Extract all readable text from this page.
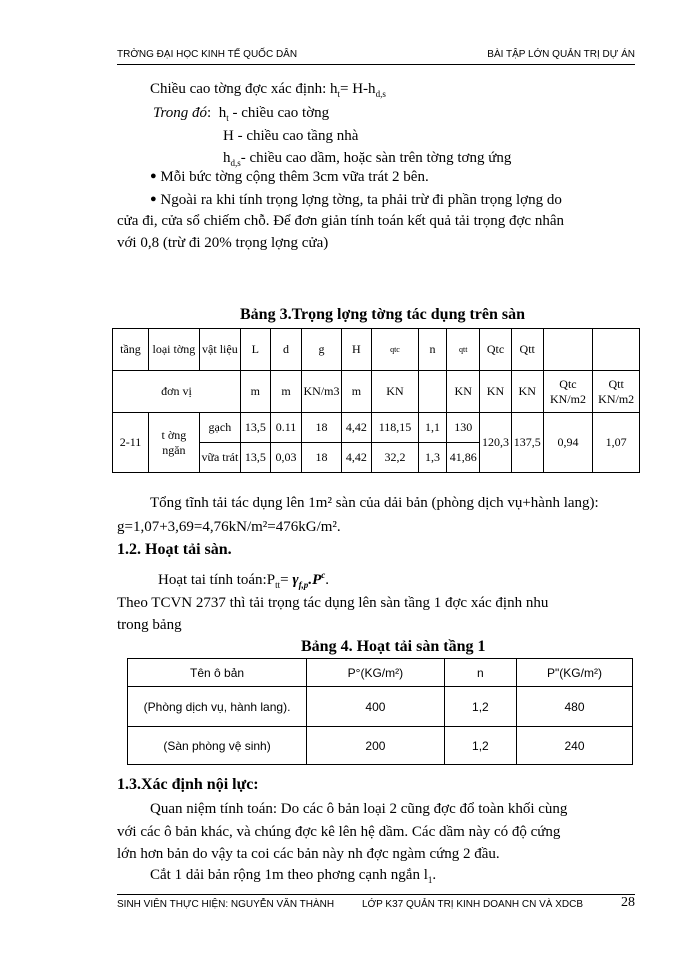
TRỜNG ĐẠI HỌC KINH TẾ QUỐC DÂN	BÀI TẬP LỚN QUẢN TRỊ DỰ ÁN
Chiều cao tờng đợc xác định: $h_t= H-h_{d,s}$
Trong đó:  $h_t$ - chiều cao tờng
H - chiều cao tầng nhà
$h_{d,s}-$ chiều cao dầm, hoặc sàn trên tờng tơng ứng
● Mỗi bức tờng cộng thêm 3cm vữa trát 2 bên.
● Ngoài ra khi tính trọng lợng tờng, ta phải trừ đi phần trọng lợng do
cửa đi, cửa sổ chiếm chỗ. Để đơn giản tính toán kết quả tải trọng đợc nhân
với 0,8 (trừ đi 20% trọng lợng cửa)
Bảng 3.Trọng lợng tờng tác dụng trên sàn
tầng	loại tờng	vật liệu	L	d	g	H	qtc	n	qtt	Qtc	Qtt		
đơn vị			m	m	KN/m3	m	KN		KN	KN	KN	Qtc KN/m2	Qtt KN/m2
2-11	t ờng ngăn	gạch	13,5	0.11	18	4,42	118,15	1,1	130	120,3	137,5	0,94	1,07
		vữa trát	13,5	0,03	18	4,42	32,2	1,3	41,86				
Tổng tĩnh tải tác dụng lên 1m² sàn của dải bản (phòng dịch vụ+hành lang):
g=1,07+3,69=4,76kN/m²=476kG/m².
1.2. Hoạt tải sàn.
Hoạt tai tính $toán:P_{tt}= \gamma_{f,p}.P^c$.
Theo TCVN 2737 thì tải trọng tác dụng lên sàn tầng 1 đợc xác định nhu
trong bảng
Bảng 4. Hoạt tải sàn tầng 1
Tên ô bản	P°(KG/m²)	n	P"(KG/m²)
(Phòng dịch vụ, hành lang).	400	1,2	480
(Sàn phòng vệ sinh)	200	1,2	240
1.3.Xác định nội lực:
Quan niệm tính toán: Do các ô bản loại 2 cũng đợc đổ toàn khối cùng
với các ô bản khác, và chúng đợc kê lên hệ dầm. Các dầm này có độ cứng
lớn hơn bản do vậy ta coi các bản này nh đợc ngàm cứng 2 đầu.
Cắt 1 dải bản rộng 1m theo phơng cạnh ngắn $l_1$.
SINH VIÊN THỰC HIỆN: NGUYỄN VĂN THÀNH	LỚP K37 QUẢN TRỊ KINH DOANH CN VÀ XDCB	28
